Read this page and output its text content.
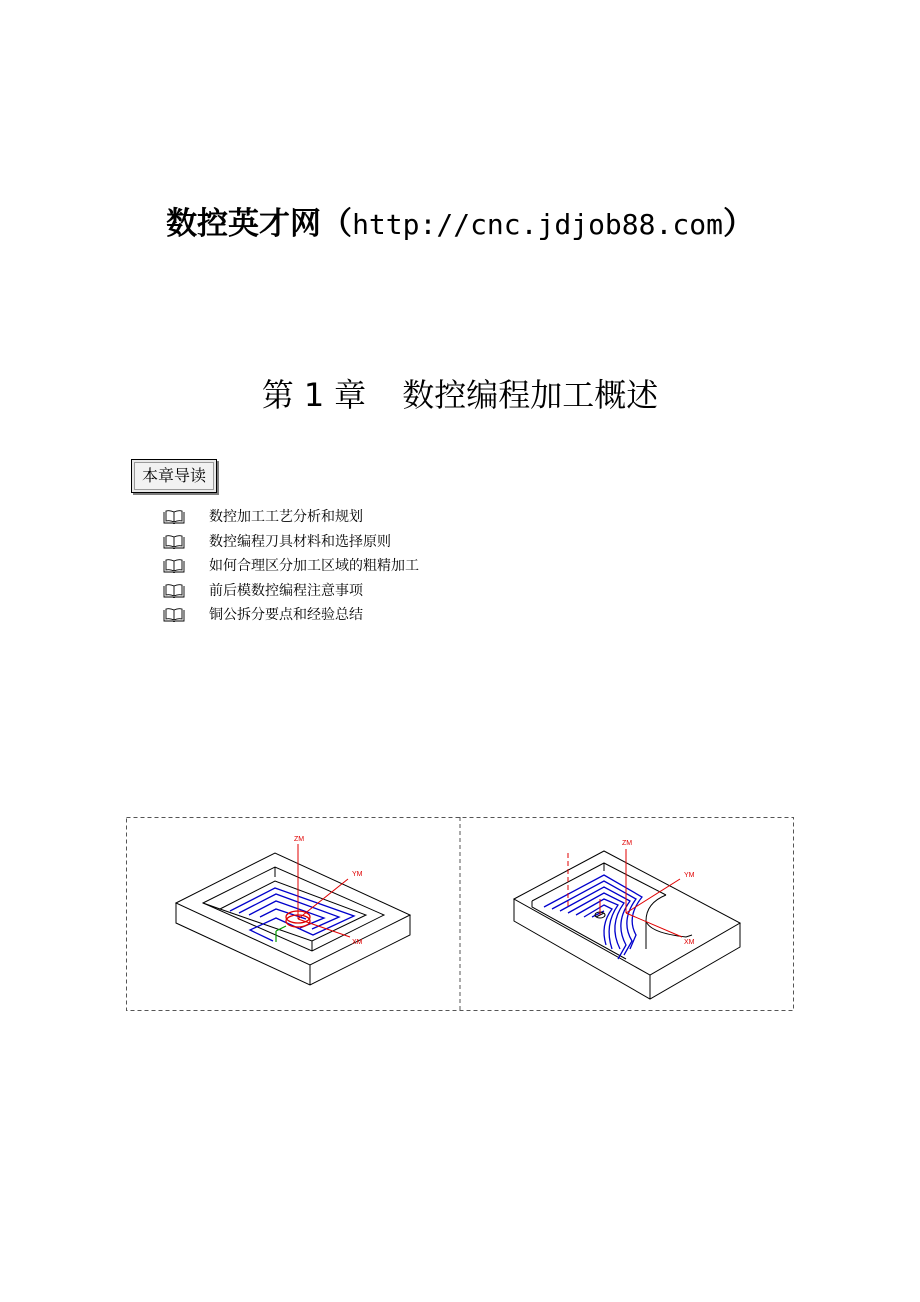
数控英才网（http://cnc.jdjob88.com）
第 1 章 数控编程加工概述
本章导读
数控加工工艺分析和规划
数控编程刀具材料和选择原则
如何合理区分加工区域的粗精加工
前后模数控编程注意事项
铜公拆分要点和经验总结
ZM
YM
XM
ZM
YM
XM
